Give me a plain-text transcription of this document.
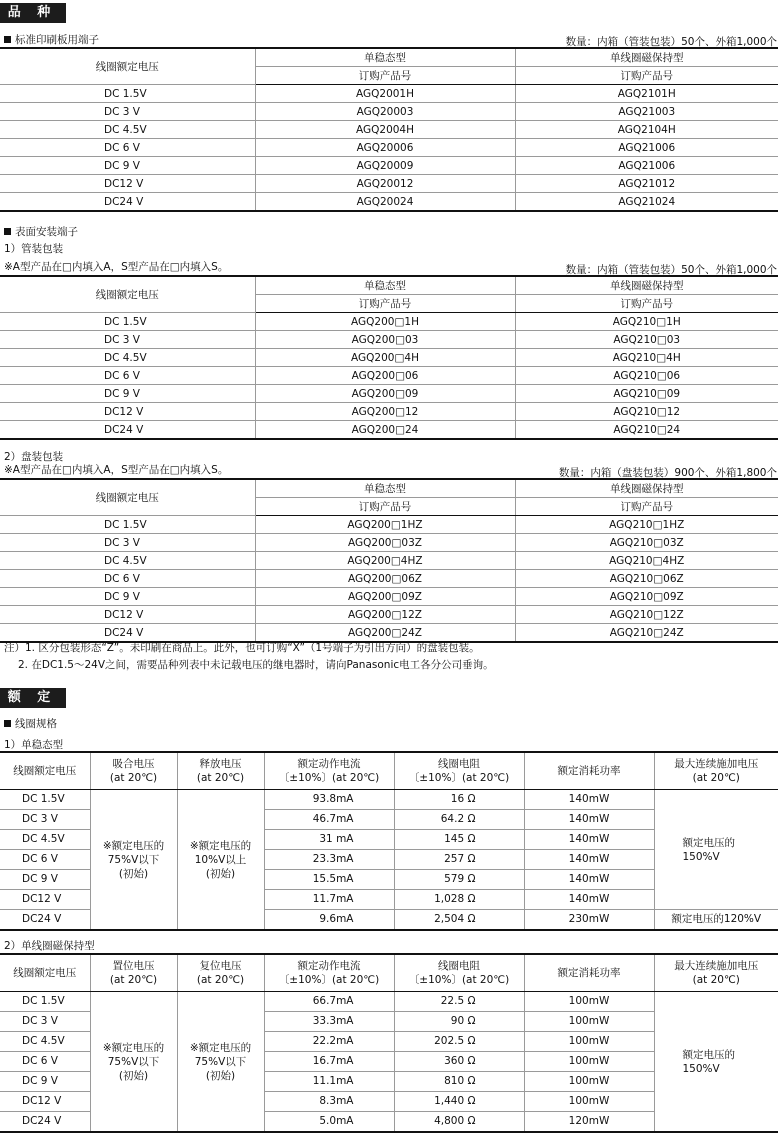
品 种
标准印刷板用端子	数量：内箱（管装包装）50个、外箱1,000个
线圈额定电压	单稳态型	单线圈磁保持型
	订购产品号	订购产品号
DC 1.5V	AGQ2001H	AGQ2101H
DC 3 V	AGQ20003	AGQ21003
DC 4.5V	AGQ2004H	AGQ2104H
DC 6 V	AGQ20006	AGQ21006
DC 9 V	AGQ20009	AGQ21006
DC12 V	AGQ20012	AGQ21012
DC24 V	AGQ20024	AGQ21024
表面安装端子
1）管装包装
※A型产品在□内填入A，S型产品在□内填入S。	数量：内箱（管装包装）50个、外箱1,000个
线圈额定电压	单稳态型	单线圈磁保持型
	订购产品号	订购产品号
DC 1.5V	AGQ200□1H	AGQ210□1H
DC 3 V	AGQ200□03	AGQ210□03
DC 4.5V	AGQ200□4H	AGQ210□4H
DC 6 V	AGQ200□06	AGQ210□06
DC 9 V	AGQ200□09	AGQ210□09
DC12 V	AGQ200□12	AGQ210□12
DC24 V	AGQ200□24	AGQ210□24
2）盘装包装
※A型产品在□内填入A，S型产品在□内填入S。	数量：内箱（盘装包装）900个、外箱1,800个
线圈额定电压	单稳态型	单线圈磁保持型
	订购产品号	订购产品号
DC 1.5V	AGQ200□1HZ	AGQ210□1HZ
DC 3 V	AGQ200□03Z	AGQ210□03Z
DC 4.5V	AGQ200□4HZ	AGQ210□4HZ
DC 6 V	AGQ200□06Z	AGQ210□06Z
DC 9 V	AGQ200□09Z	AGQ210□09Z
DC12 V	AGQ200□12Z	AGQ210□12Z
DC24 V	AGQ200□24Z	AGQ210□24Z
注）1. 区分包装形态“Z”。未印刷在商品上。此外，也可订购“X”（1号端子为引出方向）的盘装包装。
2. 在DC1.5～24V之间，需要品种列表中未记载电压的继电器时，请向Panasonic电工各分公司垂询。
额 定
线圈规格
1）单稳态型
线圈额定电压	吸合电压
(at 20℃)	释放电压
(at 20℃)	额定动作电流
〔±10%〕(at 20℃)	线圈电阻
〔±10%〕(at 20℃)	额定消耗功率	最大连续施加电压
(at 20℃)
DC 1.5V	※额定电压的
75%V以下
(初始)	※额定电压的
10%V以上
(初始)	93.8mA	16 Ω	140mW	额定电压的
150%V
DC 3 V			46.7mA	64.2 Ω	140mW	
DC 4.5V			31 mA	145 Ω	140mW	
DC 6 V			23.3mA	257 Ω	140mW	
DC 9 V			15.5mA	579 Ω	140mW	
DC12 V			11.7mA	1,028 Ω	140mW	
DC24 V			9.6mA	2,504 Ω	230mW	额定电压的120%V
2）单线圈磁保持型
线圈额定电压	置位电压
(at 20℃)	复位电压
(at 20℃)	额定动作电流
〔±10%〕(at 20℃)	线圈电阻
〔±10%〕(at 20℃)	额定消耗功率	最大连续施加电压
(at 20℃)
DC 1.5V	※额定电压的
75%V以下
(初始)	※额定电压的
75%V以下
(初始)	66.7mA	22.5 Ω	100mW	额定电压的
150%V
DC 3 V			33.3mA	90 Ω	100mW	
DC 4.5V			22.2mA	202.5 Ω	100mW	
DC 6 V			16.7mA	360 Ω	100mW	
DC 9 V			11.1mA	810 Ω	100mW	
DC12 V			8.3mA	1,440 Ω	100mW	
DC24 V			5.0mA	4,800 Ω	120mW	
